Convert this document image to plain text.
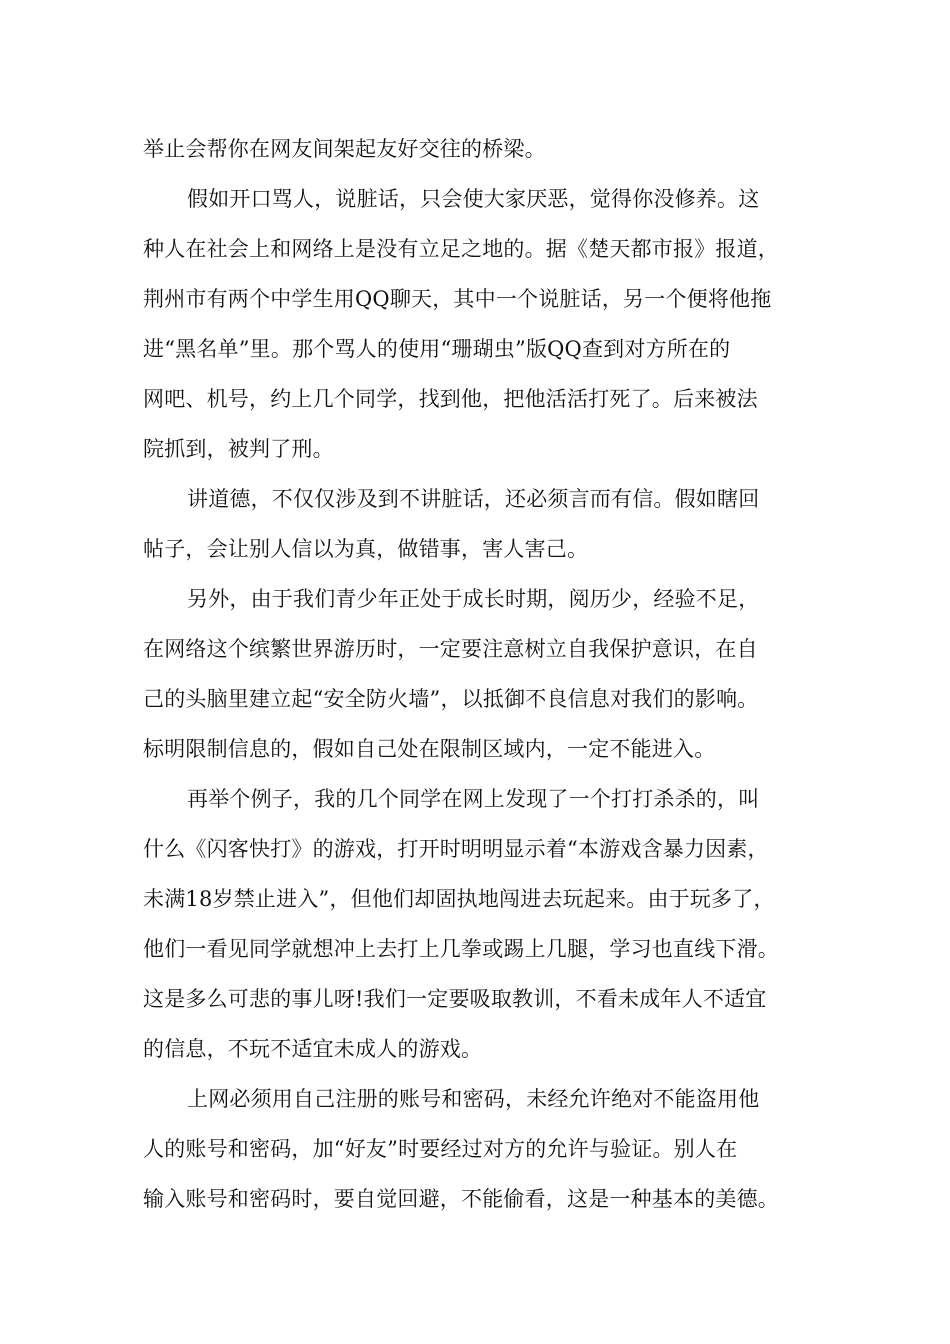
举止会帮你在网友间架起友好交往的桥梁。
假如开口骂人，说脏话，只会使大家厌恶，觉得你没修养。这
种人在社会上和网络上是没有立足之地的。据《楚天都市报》报道，
荆州市有两个中学生用QQ聊天，其中一个说脏话，另一个便将他拖
进“黑名单”里。那个骂人的使用“珊瑚虫”版QQ查到对方所在的
网吧、机号，约上几个同学，找到他，把他活活打死了。后来被法
院抓到，被判了刑。
讲道德，不仅仅涉及到不讲脏话，还必须言而有信。假如瞎回
帖子，会让别人信以为真，做错事，害人害己。
另外，由于我们青少年正处于成长时期，阅历少，经验不足，
在网络这个缤繁世界游历时，一定要注意树立自我保护意识，在自
己的头脑里建立起“安全防火墙”，以抵御不良信息对我们的影响。
标明限制信息的，假如自己处在限制区域内，一定不能进入。
再举个例子，我的几个同学在网上发现了一个打打杀杀的，叫
什么《闪客快打》的游戏，打开时明明显示着“本游戏含暴力因素，
未满18岁禁止进入”，但他们却固执地闯进去玩起来。由于玩多了，
他们一看见同学就想冲上去打上几拳或踢上几腿，学习也直线下滑。
这是多么可悲的事儿呀!我们一定要吸取教训，不看未成年人不适宜
的信息，不玩不适宜未成人的游戏。
上网必须用自己注册的账号和密码，未经允许绝对不能盗用他
人的账号和密码，加“好友”时要经过对方的允许与验证。别人在
输入账号和密码时，要自觉回避，不能偷看，这是一种基本的美德。
